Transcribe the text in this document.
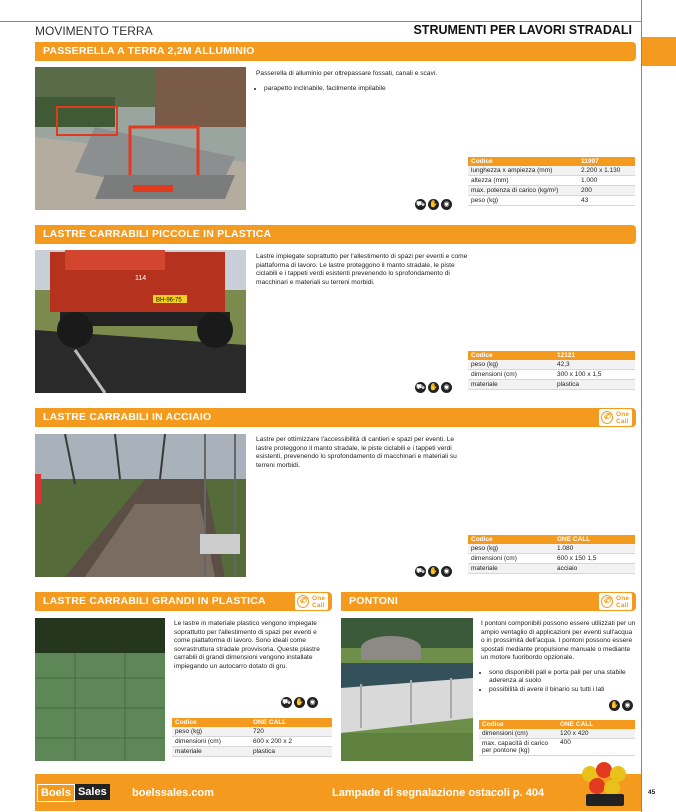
MOVIMENTO TERRA	STRUMENTI PER LAVORI STRADALI
PASSERELLA A TERRA 2,2M ALLUMINIO
Passerella di alluminio per oltrepassare fossati, canali e scavi.
• parapetto inclinabile, facilmente impilabile
⛟ ✋ ◉
Codice	11997
lunghezza x ampiezza (mm)	2.200 x 1.130
altezza (mm)	1.000
max. potenza di carico (kg/m²)	200
peso (kg)	43
LASTRE CARRABILI PICCOLE IN PLASTICA
BH-96-75
114
Lastre impiegate soprattutto per l'allestimento di spazi per eventi e come piattaforma di lavoro. Le lastre proteggono il manto stradale, le piste ciclabili e i tappeti verdi esistenti prevenendo lo sprofondamento di macchinari e materiali su terreni morbidi.
⛟ ✋ ◉
Codice	12121
peso (kg)	42,3
dimensioni (cm)	300 x 100 x 1,5
materiale	plastica
LASTRE CARRABILI IN ACCIAIO	✆ One
Call
Lastre per ottimizzare l'accessibilità di cantieri e spazi per eventi. Le lastre proteggono il manto stradale, le piste ciclabili e i tappeti verdi esistenti, prevenendo lo sprofondamento di macchinari e materiali su terreni morbidi.
⛟ ✋ ◉
Codice	ONE CALL
peso (kg)	1.080
dimensioni (cm)	600 x 150 1,5
materiale	acciaio
LASTRE CARRABILI GRANDI IN PLASTICA	✆ One
Call
Le lastre in materiale plastico vengono impiegate soprattutto per l'allestimento di spazi per eventi e come piattaforma di lavoro. Sono ideali come sovrastruttura stradale provvisoria. Queste piastre carrabili di grandi dimensioni vengono installate impiegando un autocarro dotato di gru.
⛟ ✋ ◉
Codice	ONE CALL
peso (kg)	720
dimensioni (cm)	600 x 200 x 2
materiale	plastica
PONTONI	✆ One
Call
I pontoni componibili possono essere utilizzati per un ampio ventaglio di applicazioni per eventi sull'acqua o in prossimità dell'acqua. I pontoni possono essere spostati mediante propulsione manuale o mediante un motore fuoribordo opzionale.
• sono disponibili pali e porta pali per una stabile aderenza al suolo
• possibilità di avere il binario su tutti i lati
✋ ◉
Codice	ONE CALL
dimensioni (cm)	120 x 420
max. capacità di carico per pontone (kg)	400
Boels Sales boelssales.com	Lampade di segnalazione ostacoli p. 404	45
